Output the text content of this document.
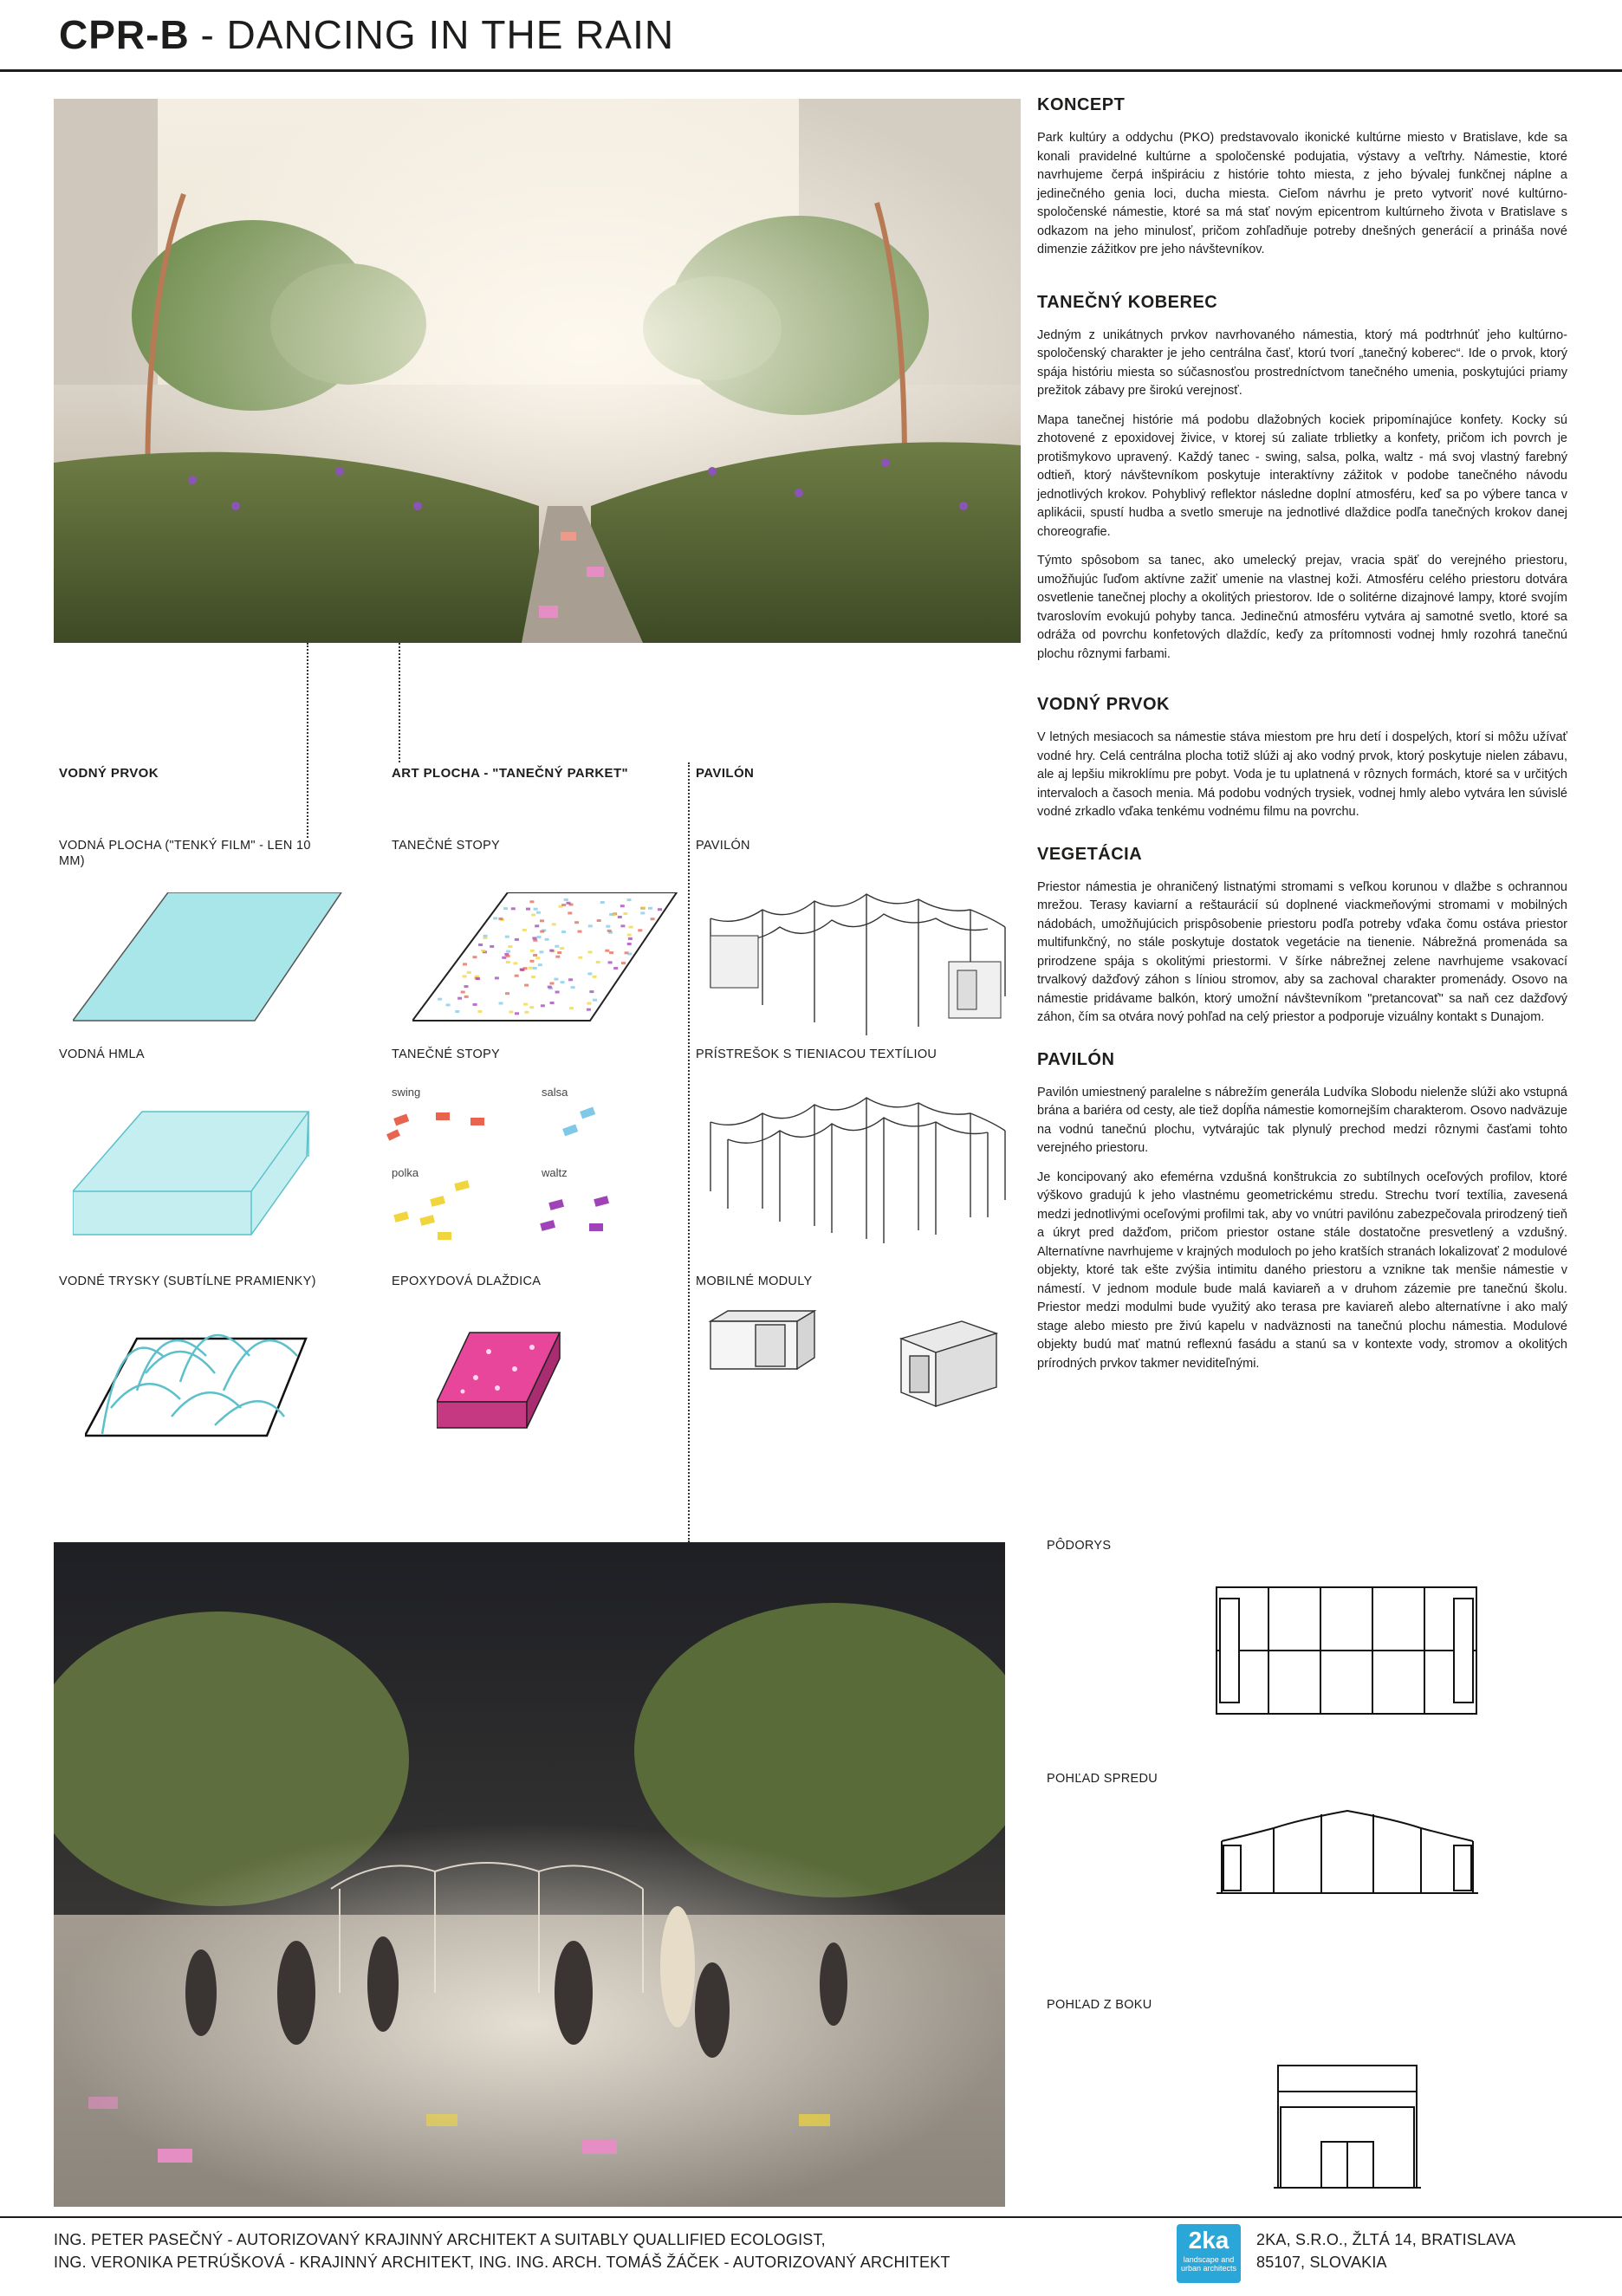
CPR-B - DANCING IN THE RAIN
KONCEPT

Park kultúry a oddychu (PKO) predstavovalo ikonické kultúrne miesto v Bratislave, kde sa konali pravidelné kultúrne a spoločenské podujatia, výstavy a veľtrhy. Námestie, ktoré navrhujeme čerpá inšpiráciu z histórie tohto miesta, z jeho bývalej funkčnej náplne a jedinečného genia loci, ducha miesta. Cieľom návrhu je preto vytvoriť nové kultúrno-spoločenské námestie, ktoré sa má stať novým epicentrom kultúrneho života v Bratislave s odkazom na jeho minulosť, pričom zohľadňuje potreby dnešných generácií a prináša nové dimenzie zážitkov pre jeho návštevníkov.

TANEČNÝ KOBEREC

Jedným z unikátnych prvkov navrhovaného námestia, ktorý má podtrhnúť jeho kultúrno-spoločenský charakter je jeho centrálna časť, ktorú tvorí „tanečný koberec“. Ide o prvok, ktorý spája históriu miesta so súčasnosťou prostredníctvom tanečného umenia, poskytujúci priamy prežitok zábavy pre širokú verejnosť.

Mapa tanečnej histórie má podobu dlažobných kociek pripomínajúce konfety. Kocky sú zhotovené z epoxidovej živice, v ktorej sú zaliate trblietky a konfety, pričom ich povrch je protišmykovo upravený. Každý tanec - swing, salsa, polka, waltz - má svoj vlastný farebný odtieň, ktorý návštevníkom poskytuje interaktívny zážitok v podobe tanečného návodu jednotlivých krokov. Pohyblivý reflektor následne doplní atmosféru, keď sa po výbere tanca v aplikácii, spustí hudba a svetlo smeruje na jednotlivé dlaždice podľa tanečných krokov danej choreografie.

Týmto spôsobom sa tanec, ako umelecký prejav, vracia späť do verejného priestoru, umožňujúc ľuďom aktívne zažiť umenie na vlastnej koži. Atmosféru celého priestoru dotvára osvetlenie tanečnej plochy a okolitých priestorov. Ide o solitérne dizajnové lampy, ktoré svojím tvaroslovím evokujú pohyby tanca. Jedinečnú atmosféru vytvára aj samotné svetlo, ktoré sa odráža od povrchu konfetových dlaždíc, keďy za prítomnosti vodnej hmly rozohrá tanečnú plochu rôznymi farbami.

VODNÝ PRVOK

V letných mesiacoch sa námestie stáva miestom pre hru detí i dospelých, ktorí si môžu užívať vodné hry. Celá centrálna plocha totiž slúži aj ako vodný prvok, ktorý poskytuje nielen zábavu, ale aj lepšiu mikroklímu pre pobyt. Voda je tu uplatnená v rôznych formách, ktoré sa v určitých intervaloch a časoch menia. Má podobu vodných trysiek, vodnej hmly alebo vytvára len súvislé vodné zrkadlo vďaka tenkému vodnému filmu na povrchu.

VEGETÁCIA

Priestor námestia je ohraničený listnatými stromami s veľkou korunou v dlažbe s ochrannou mrežou. Terasy kaviarní a reštaurácií sú doplnené viackmeňovými stromami v mobilných nádobách, umožňujúcich prispôsobenie priestoru podľa potreby vďaka čomu ostáva priestor multifunkčný, no stále poskytuje dostatok vegetácie na tienenie. Nábrežná promenáda sa prirodzene spája s okolitými priestormi. V šírke nábrežnej zelene navrhujeme vsakovací trvalkový dažďový záhon s líniou stromov, aby sa zachoval charakter promenády. Osovo na námestie pridávame balkón, ktorý umožní návštevníkom "pretancovať" sa naň cez dažďový záhon, čím sa otvára nový pohľad na celý priestor a podporuje vizuálny kontakt s Dunajom.

PAVILÓN

Pavilón umiestnený paralelne s nábrežím generála Ludvíka Slobodu nielenže slúži ako vstupná brána a bariéra od cesty, ale tiež dopĺňa námestie komornejším charakterom. Osovo nadväzuje na vodnú tanečnú plochu, vytvárajúc tak plynulý prechod medzi rôznymi časťami tohto verejného priestoru.

Je koncipovaný ako efemérna vzdušná konštrukcia zo subtílnych oceľových profilov, ktoré výškovo gradujú k jeho vlastnému geometrickému stredu. Strechu tvorí textília, zavesená medzi jednotlivými oceľovými profilmi tak, aby vo vnútri pavilónu zabezpečovala prirodzený tieň a úkryt pred dažďom, pričom priestor ostane stále dostatočne presvetlený a vzdušný. Alternatívne navrhujeme v krajných moduloch po jeho kratších stranách lokalizovať 2 modulové objekty, ktoré tak ešte zvýšia intimitu daného priestoru a vznikne tak menšie námestie v námestí. V jednom module bude malá kaviareň a v druhom zázemie pre tanečnú školu. Priestor medzi modulmi bude využitý ako terasa pre kaviareň alebo alternatívne i ako malý stage alebo miesto pre živú kapelu v nadväznosti na tanečnú plochu námestia. Modulové objekty budú mať matnú reflexnú fasádu a stanú sa v kontexte vody, stromov a okolitých prírodných prvkov takmer neviditeľnými.

VODNÝ PRVOK
VODNÁ PLOCHA ("TENKÝ FILM" - LEN 10 MM)
VODNÁ HMLA
VODNÉ TRYSKY (SUBTÍLNE PRAMIENKY)
ART PLOCHA - "TANEČNÝ PARKET"
TANEČNÉ STOPY
TANEČNÉ STOPY
swing	salsa
polka	waltz
EPOXYDOVÁ DLAŽDICA
PAVILÓN
PAVILÓN
PRÍSTREŠOK S TIENIACOU TEXTÍLIOU
MOBILNÉ MODULY
PÔDORYS
POHĽAD SPREDU
POHĽAD Z BOKU
ING. PETER PASEČNÝ - AUTORIZOVANÝ KRAJINNÝ ARCHITEKT A SUITABLY QUALLIFIED ECOLOGIST,
ING. VERONIKA PETRÚŠKOVÁ - KRAJINNÝ ARCHITEKT, ING. ING. ARCH. TOMÁŠ ŽÁČEK - AUTORIZOVANÝ ARCHITEKT
2ka
landscape and urban architects
2KA, S.R.O., ŽLTÁ 14, BRATISLAVA
85107, SLOVAKIA
